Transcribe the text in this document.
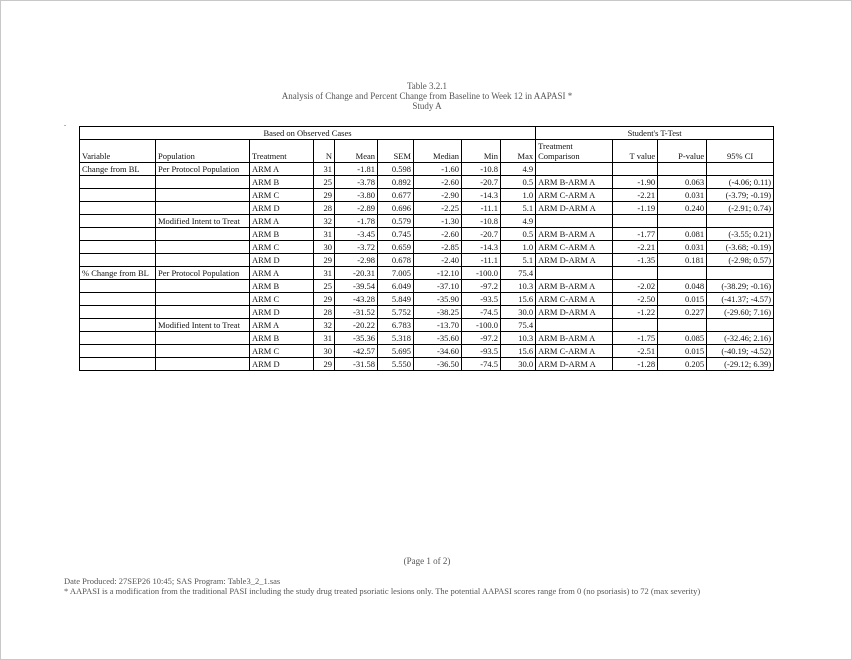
Table 3.2.1
Analysis of Change and Percent Change from Baseline to Week 12 in AAPASI *
Study A
.
Based on Observed Cases									Student's T-Test			
Variable	Population	Treatment	N	Mean	SEM	Median	Min	Max	Treatment
Comparison	T value	P-value	95% CI
Change from BL	Per Protocol Population	ARM A	31	-1.81	0.598	-1.60	-10.8	4.9				
		ARM B	25	-3.78	0.892	-2.60	-20.7	0.5	ARM B-ARM A	-1.90	0.063	(-4.06; 0.11)
		ARM C	29	-3.80	0.677	-2.90	-14.3	1.0	ARM C-ARM A	-2.21	0.031	(-3.79; -0.19)
		ARM D	28	-2.89	0.696	-2.25	-11.1	5.1	ARM D-ARM A	-1.19	0.240	(-2.91; 0.74)
	Modified Intent to Treat	ARM A	32	-1.78	0.579	-1.30	-10.8	4.9				
		ARM B	31	-3.45	0.745	-2.60	-20.7	0.5	ARM B-ARM A	-1.77	0.081	(-3.55; 0.21)
		ARM C	30	-3.72	0.659	-2.85	-14.3	1.0	ARM C-ARM A	-2.21	0.031	(-3.68; -0.19)
		ARM D	29	-2.98	0.678	-2.40	-11.1	5.1	ARM D-ARM A	-1.35	0.181	(-2.98; 0.57)
% Change from BL	Per Protocol Population	ARM A	31	-20.31	7.005	-12.10	-100.0	75.4				
		ARM B	25	-39.54	6.049	-37.10	-97.2	10.3	ARM B-ARM A	-2.02	0.048	(-38.29; -0.16)
		ARM C	29	-43.28	5.849	-35.90	-93.5	15.6	ARM C-ARM A	-2.50	0.015	(-41.37; -4.57)
		ARM D	28	-31.52	5.752	-38.25	-74.5	30.0	ARM D-ARM A	-1.22	0.227	(-29.60; 7.16)
	Modified Intent to Treat	ARM A	32	-20.22	6.783	-13.70	-100.0	75.4				
		ARM B	31	-35.36	5.318	-35.60	-97.2	10.3	ARM B-ARM A	-1.75	0.085	(-32.46; 2.16)
		ARM C	30	-42.57	5.695	-34.60	-93.5	15.6	ARM C-ARM A	-2.51	0.015	(-40.19; -4.52)
		ARM D	29	-31.58	5.550	-36.50	-74.5	30.0	ARM D-ARM A	-1.28	0.205	(-29.12; 6.39)
(Page 1 of 2)
Date Produced: 27SEP26 10:45; SAS Program: Table3_2_1.sas
* AAPASI is a modification from the traditional PASI including the study drug treated psoriatic lesions only. The potential AAPASI scores range from 0 (no psoriasis) to 72 (max severity)
